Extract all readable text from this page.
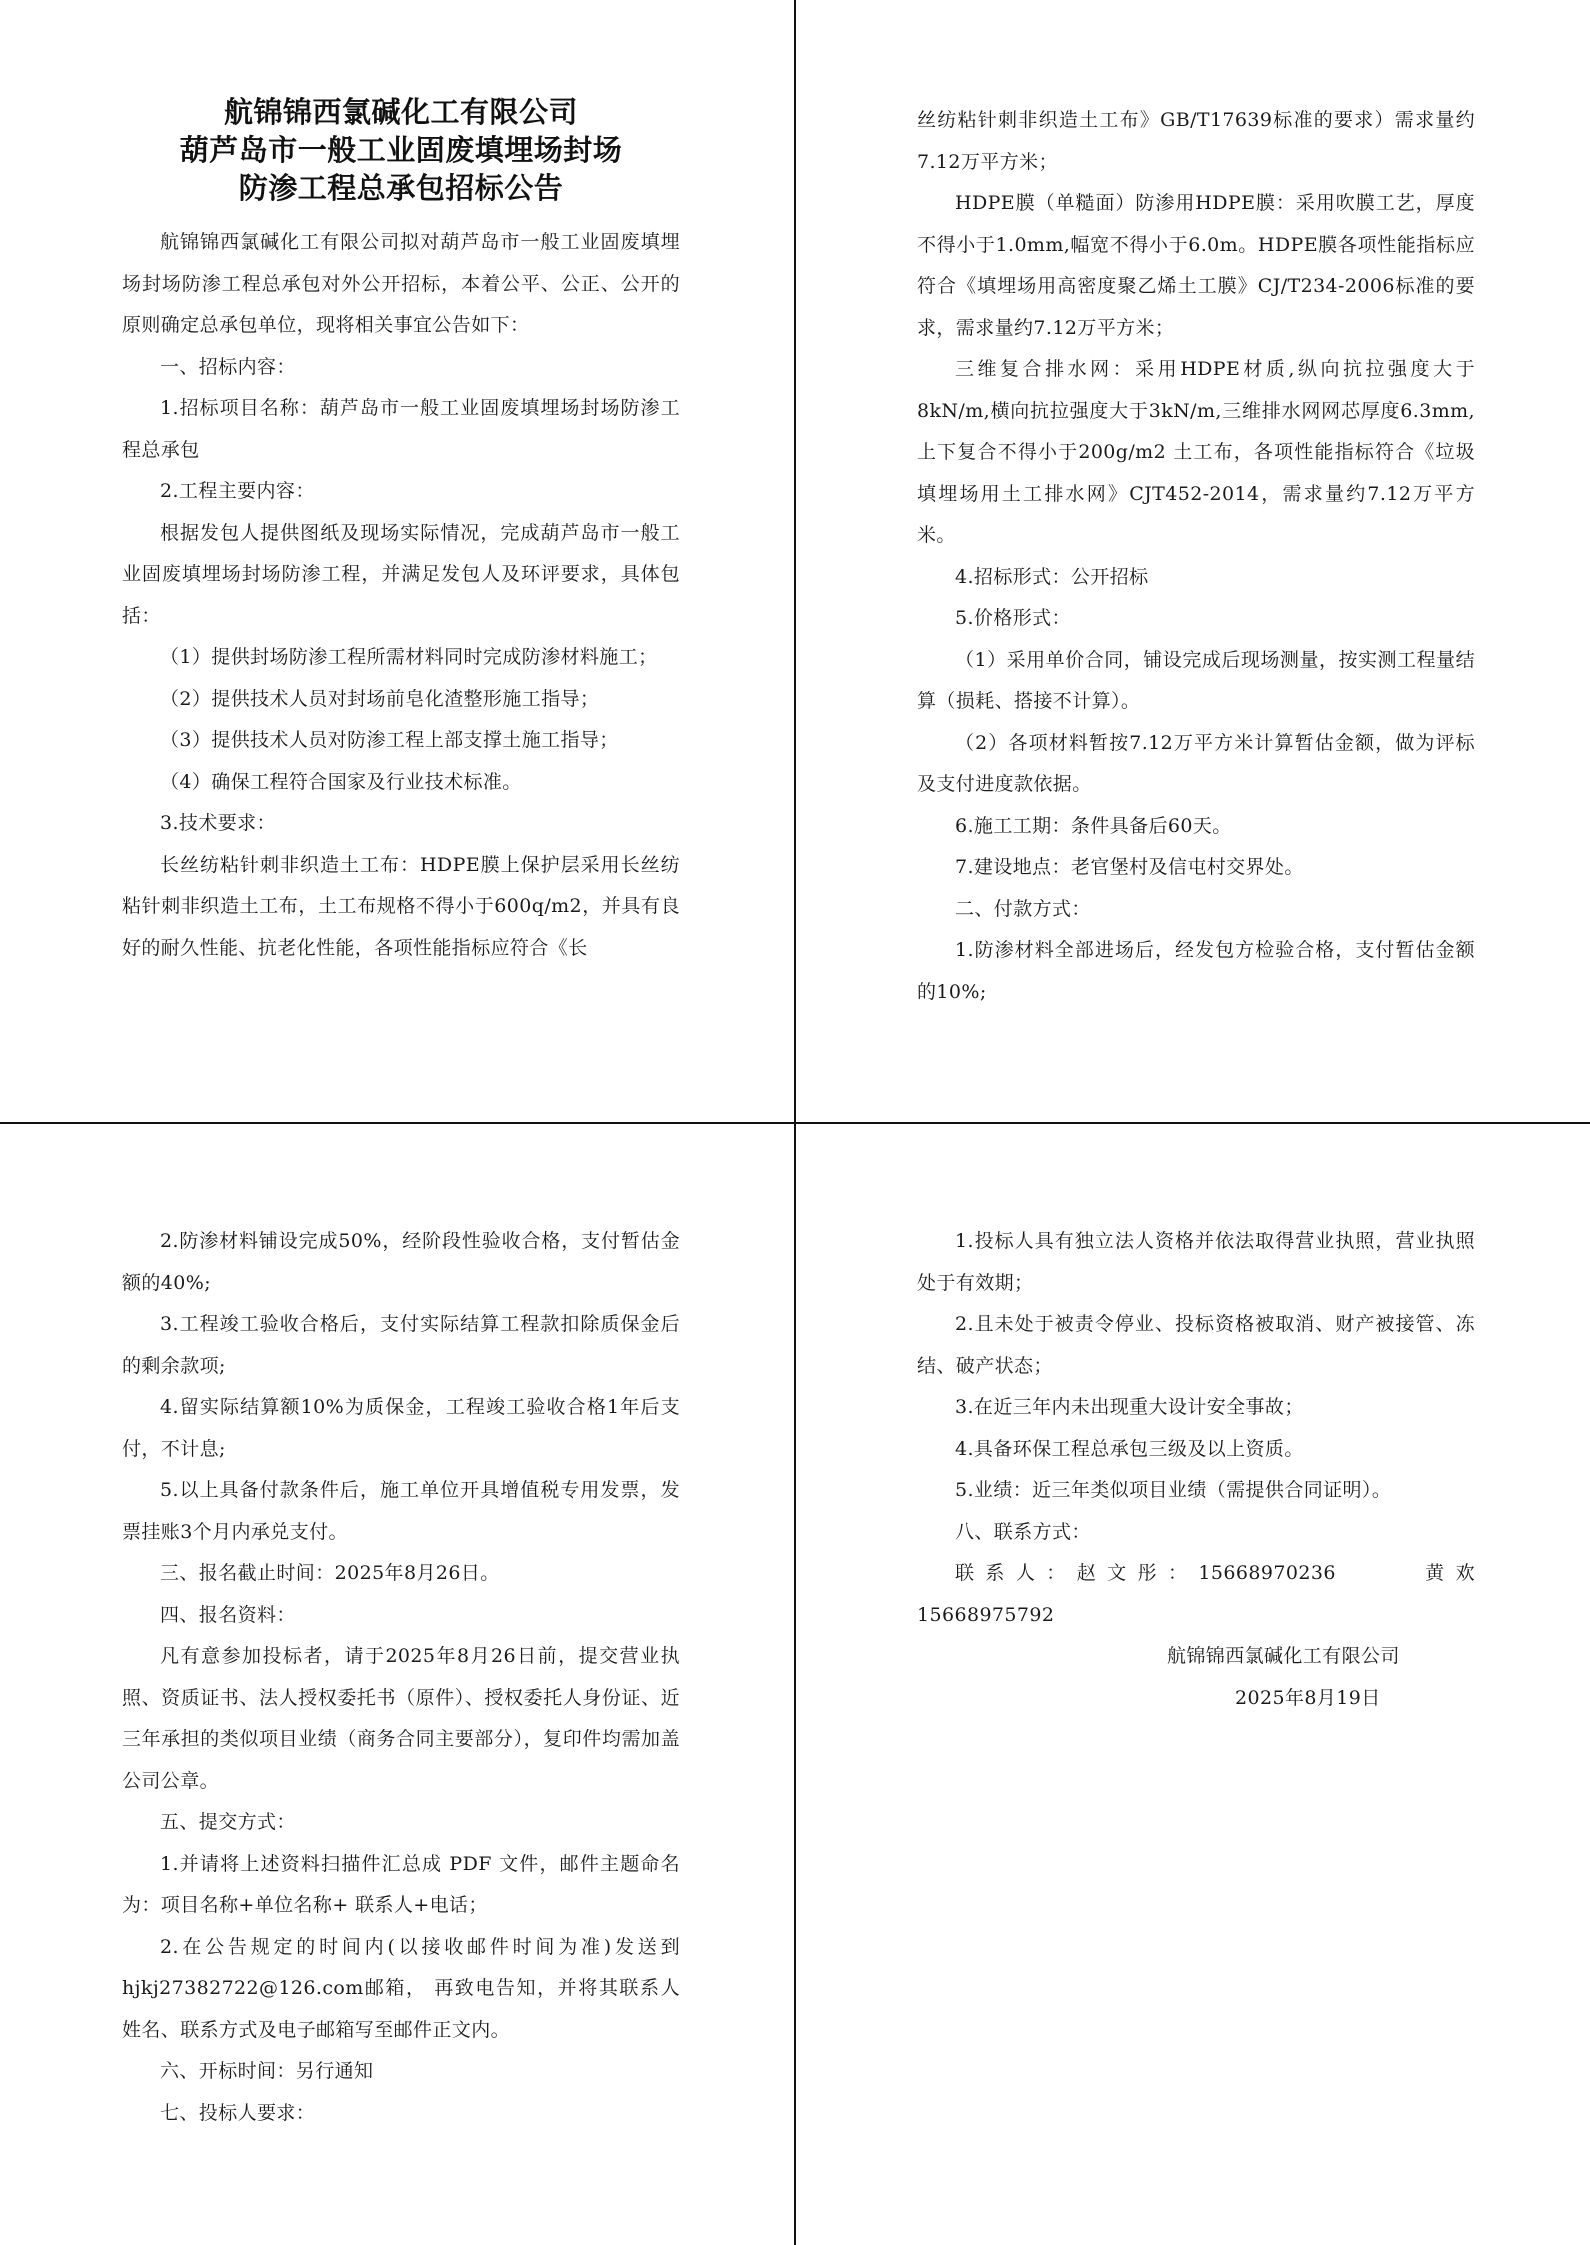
航锦锦西氯碱化工有限公司

葫芦岛市一般工业固废填埋场封场

防渗工程总承包招标公告

航锦锦西氯碱化工有限公司拟对葫芦岛市一般工业固废填埋场封场防渗工程总承包对外公开招标，本着公平、公正、公开的原则确定总承包单位，现将相关事宜公告如下：

一、招标内容：

1.招标项目名称：葫芦岛市一般工业固废填埋场封场防渗工程总承包

2.工程主要内容：

根据发包人提供图纸及现场实际情况，完成葫芦岛市一般工业固废填埋场封场防渗工程，并满足发包人及环评要求，具体包括：

（1）提供封场防渗工程所需材料同时完成防渗材料施工；

（2）提供技术人员对封场前皂化渣整形施工指导；

（3）提供技术人员对防渗工程上部支撑土施工指导；

（4）确保工程符合国家及行业技术标准。

3.技术要求：

长丝纺粘针刺非织造土工布：HDPE膜上保护层采用长丝纺粘针刺非织造土工布，土工布规格不得小于600q/m2，并具有良好的耐久性能、抗老化性能，各项性能指标应符合《长

丝纺粘针刺非织造土工布》GB/T17639标准的要求）需求量约7.12万平方米；

HDPE膜（单糙面）防渗用HDPE膜：采用吹膜工艺，厚度不得小于1.0mm,幅宽不得小于6.0m。HDPE膜各项性能指标应符合《填埋场用高密度聚乙烯土工膜》CJ/T234-2006标准的要求，需求量约7.12万平方米；

三维复合排水网：采用HDPE材质,纵向抗拉强度大于8kN/m,横向抗拉强度大于3kN/m,三维排水网网芯厚度6.3mm,上下复合不得小于200g/m2 土工布，各项性能指标符合《垃圾填埋场用土工排水网》CJT452-2014，需求量约7.12万平方米。

4.招标形式：公开招标

5.价格形式：

（1）采用单价合同，铺设完成后现场测量，按实测工程量结算（损耗、搭接不计算）。

（2）各项材料暂按7.12万平方米计算暂估金额，做为评标及支付进度款依据。

6.施工工期：条件具备后60天。

7.建设地点：老官堡村及信屯村交界处。

二、付款方式：

1.防渗材料全部进场后，经发包方检验合格，支付暂估金额的10%;

2.防渗材料铺设完成50%，经阶段性验收合格，支付暂估金额的40%;

3.工程竣工验收合格后，支付实际结算工程款扣除质保金后的剩余款项;

4.留实际结算额10%为质保金，工程竣工验收合格1年后支付，不计息;

5.以上具备付款条件后，施工单位开具增值税专用发票，发票挂账3个月内承兑支付。

三、报名截止时间：2025年8月26日。

四、报名资料：

凡有意参加投标者，请于2025年8月26日前，提交营业执照、资质证书、法人授权委托书（原件）、授权委托人身份证、近三年承担的类似项目业绩（商务合同主要部分），复印件均需加盖公司公章。

五、提交方式：

1.并请将上述资料扫描件汇总成 PDF 文件，邮件主题命名为：项目名称+单位名称+ 联系人+电话；

2.在公告规定的时间内(以接收邮件时间为准)发送到hjkj27382722@126.com邮箱， 再致电告知，并将其联系人姓名、联系方式及电子邮箱写至邮件正文内。

六、开标时间：另行通知

七、投标人要求：

1.投标人具有独立法人资格并依法取得营业执照，营业执照处于有效期；

2.且未处于被责令停业、投标资格被取消、财产被接管、冻结、破产状态；

3.在近三年内未出现重大设计安全事故；

4.具备环保工程总承包三级及以上资质。

5.业绩：近三年类似项目业绩（需提供合同证明）。

八、联系方式：

联系人：赵文彤：15668970236　　 黄欢 15668975792

航锦锦西氯碱化工有限公司

2025年8月19日
